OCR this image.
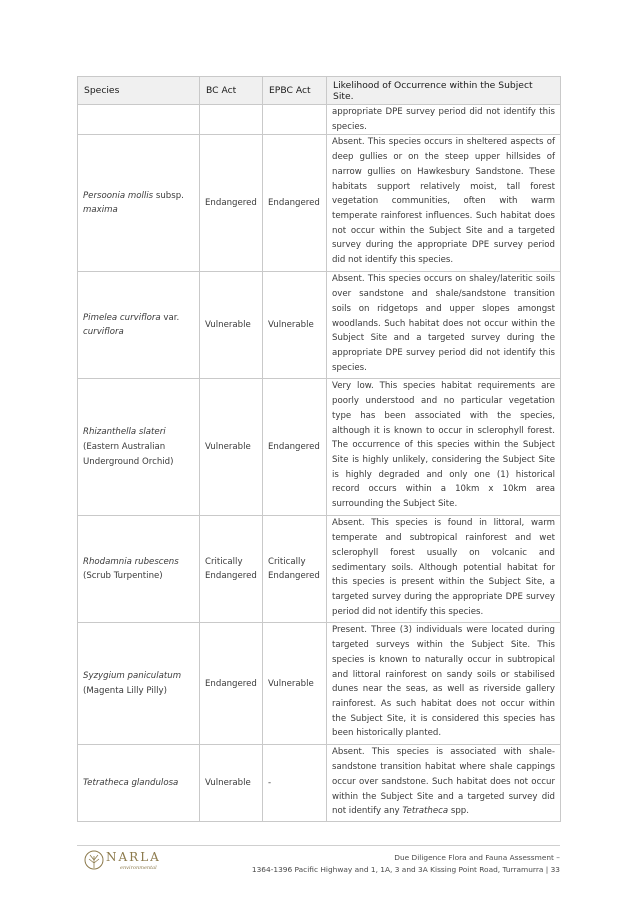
Species	BC Act	EPBC Act	Likelihood of Occurrence within the Subject Site.
			appropriate DPE survey period did not identify this species.
Persoonia mollis subsp. maxima	Endangered	Endangered	Absent. This species occurs in sheltered aspects of deep gullies or on the steep upper hillsides of narrow gullies on Hawkesbury Sandstone. These habitats support relatively moist, tall forest vegetation communities, often with warm temperate rainforest influences. Such habitat does not occur within the Subject Site and a targeted survey during the appropriate DPE survey period did not identify this species.
Pimelea curviflora var. curviflora	Vulnerable	Vulnerable	Absent. This species occurs on shaley/lateritic soils over sandstone and shale/sandstone transition soils on ridgetops and upper slopes amongst woodlands. Such habitat does not occur within the Subject Site and a targeted survey during the appropriate DPE survey period did not identify this species.
Rhizanthella slateri
(Eastern Australian Underground Orchid)	Vulnerable	Endangered	Very low. This species habitat requirements are poorly understood and no particular vegetation type has been associated with the species, although it is known to occur in sclerophyll forest. The occurrence of this species within the Subject Site is highly unlikely, considering the Subject Site is highly degraded and only one (1) historical record occurs within a 10km x 10km area surrounding the Subject Site.
Rhodamnia rubescens
(Scrub Turpentine)	Critically Endangered	Critically Endangered	Absent. This species is found in littoral, warm temperate and subtropical rainforest and wet sclerophyll forest usually on volcanic and sedimentary soils. Although potential habitat for this species is present within the Subject Site, a targeted survey during the appropriate DPE survey period did not identify this species.
Syzygium paniculatum
(Magenta Lilly Pilly)	Endangered	Vulnerable	Present. Three (3) individuals were located during targeted surveys within the Subject Site. This species is known to naturally occur in subtropical and littoral rainforest on sandy soils or stabilised dunes near the seas, as well as riverside gallery rainforest. As such habitat does not occur within the Subject Site, it is considered this species has been historically planted.
Tetratheca glandulosa	Vulnerable	-	Absent. This species is associated with shale-sandstone transition habitat where shale cappings occur over sandstone. Such habitat does not occur within the Subject Site and a targeted survey did not identify any Tetratheca spp.
NARLA
environmental
Due Diligence Flora and Fauna Assessment –
1364-1396 Pacific Highway and 1, 1A, 3 and 3A Kissing Point Road, Turramurra | 33
